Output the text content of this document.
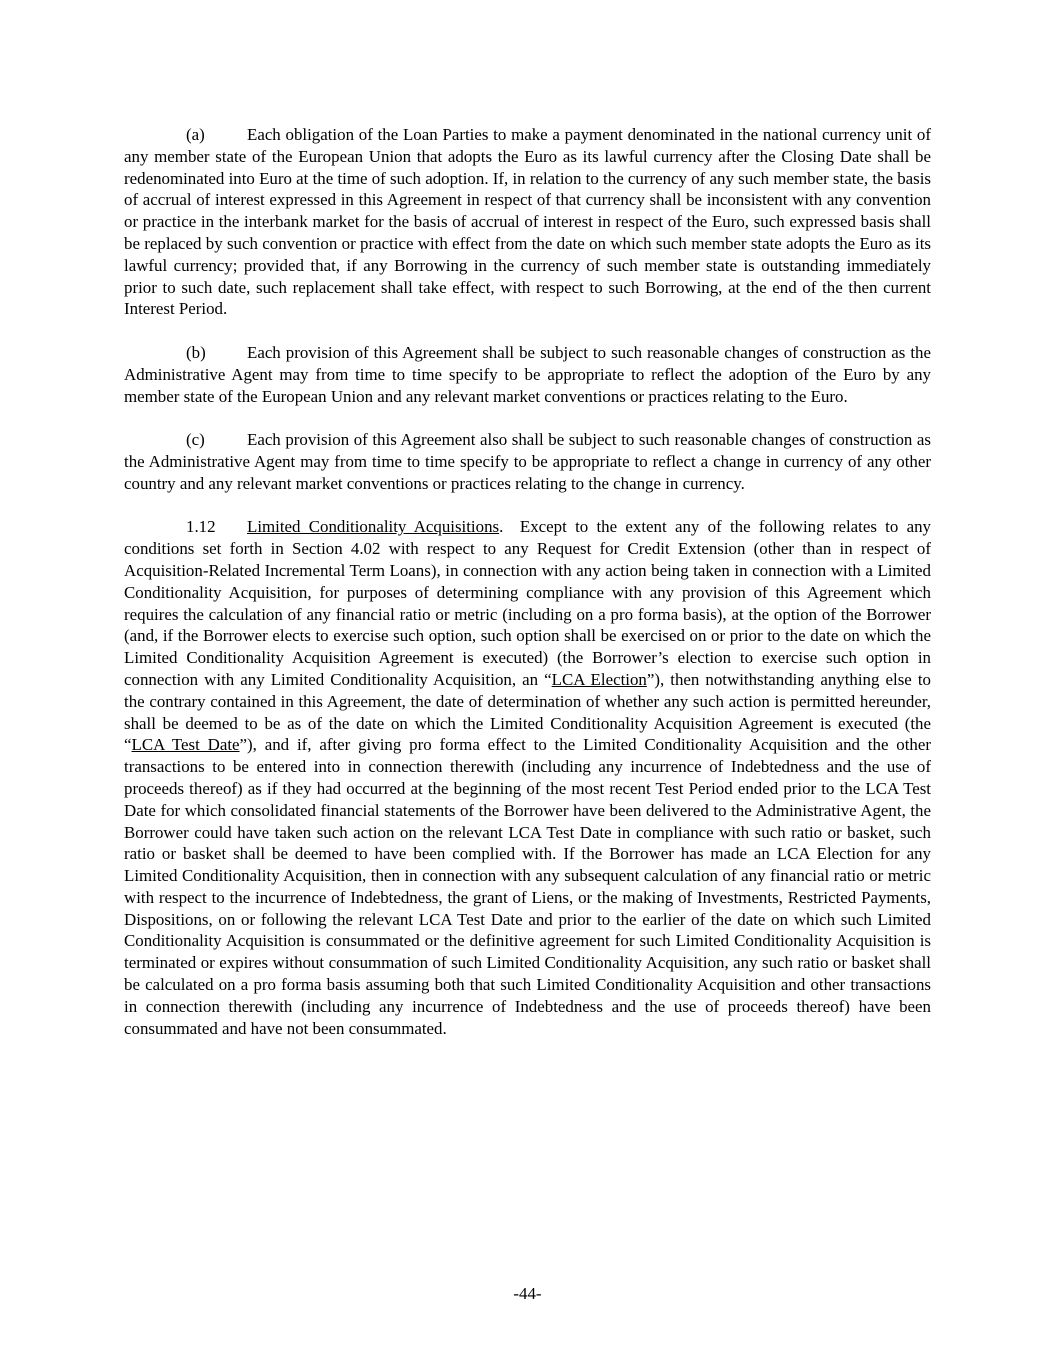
(a)	Each obligation of the Loan Parties to make a payment denominated in the national currency unit of any member state of the European Union that adopts the Euro as its lawful currency after the Closing Date shall be redenominated into Euro at the time of such adoption. If, in relation to the currency of any such member state, the basis of accrual of interest expressed in this Agreement in respect of that currency shall be inconsistent with any convention or practice in the interbank market for the basis of accrual of interest in respect of the Euro, such expressed basis shall be replaced by such convention or practice with effect from the date on which such member state adopts the Euro as its lawful currency; provided that, if any Borrowing in the currency of such member state is outstanding immediately prior to such date, such replacement shall take effect, with respect to such Borrowing, at the end of the then current Interest Period.

(b) Each provision of this Agreement shall be subject to such reasonable changes of construction as the Administrative Agent may from time to time specify to be appropriate to reflect the adoption of the Euro by any member state of the European Union and any relevant market conventions or practices relating to the Euro.

(c)	Each provision of this Agreement also shall be subject to such reasonable changes of construction as the Administrative Agent may from time to time specify to be appropriate to reflect a change in currency of any other country and any relevant market conventions or practices relating to the change in currency.

1.12 Limited Conditionality Acquisitions. Except to the extent any of the following relates to any conditions set forth in Section 4.02 with respect to any Request for Credit Extension (other than in respect of Acquisition-Related Incremental Term Loans), in connection with any action being taken in connection with a Limited Conditionality Acquisition, for purposes of determining compliance with any provision of this Agreement which requires the calculation of any financial ratio or metric (including on a pro forma basis), at the option of the Borrower (and, if the Borrower elects to exercise such option, such option shall be exercised on or prior to the date on which the Limited Conditionality Acquisition Agreement is executed) (the Borrower’s election to exercise such option in connection with any Limited Conditionality Acquisition, an “LCA Election”), then notwithstanding anything else to the contrary contained in this Agreement, the date of determination of whether any such action is permitted hereunder, shall be deemed to be as of the date on which the Limited Conditionality Acquisition Agreement is executed (the “LCA Test Date”), and if, after giving pro forma effect to the Limited Conditionality Acquisition and the other transactions to be entered into in connection therewith (including any incurrence of Indebtedness and the use of proceeds thereof) as if they had occurred at the beginning of the most recent Test Period ended prior to the LCA Test Date for which consolidated financial statements of the Borrower have been delivered to the Administrative Agent, the Borrower could have taken such action on the relevant LCA Test Date in compliance with such ratio or basket, such ratio or basket shall be deemed to have been complied with. If the Borrower has made an LCA Election for any Limited Conditionality Acquisition, then in connection with any subsequent calculation of any financial ratio or metric with respect to the incurrence of Indebtedness, the grant of Liens, or the making of Investments, Restricted Payments, Dispositions, on or following the relevant LCA Test Date and prior to the earlier of the date on which such Limited Conditionality Acquisition is consummated or the definitive agreement for such Limited Conditionality Acquisition is terminated or expires without consummation of such Limited Conditionality Acquisition, any such ratio or basket shall be calculated on a pro forma basis assuming both that such Limited Conditionality Acquisition and other transactions in connection therewith (including any incurrence of Indebtedness and the use of proceeds thereof) have been consummated and have not been consummated.

-44-
